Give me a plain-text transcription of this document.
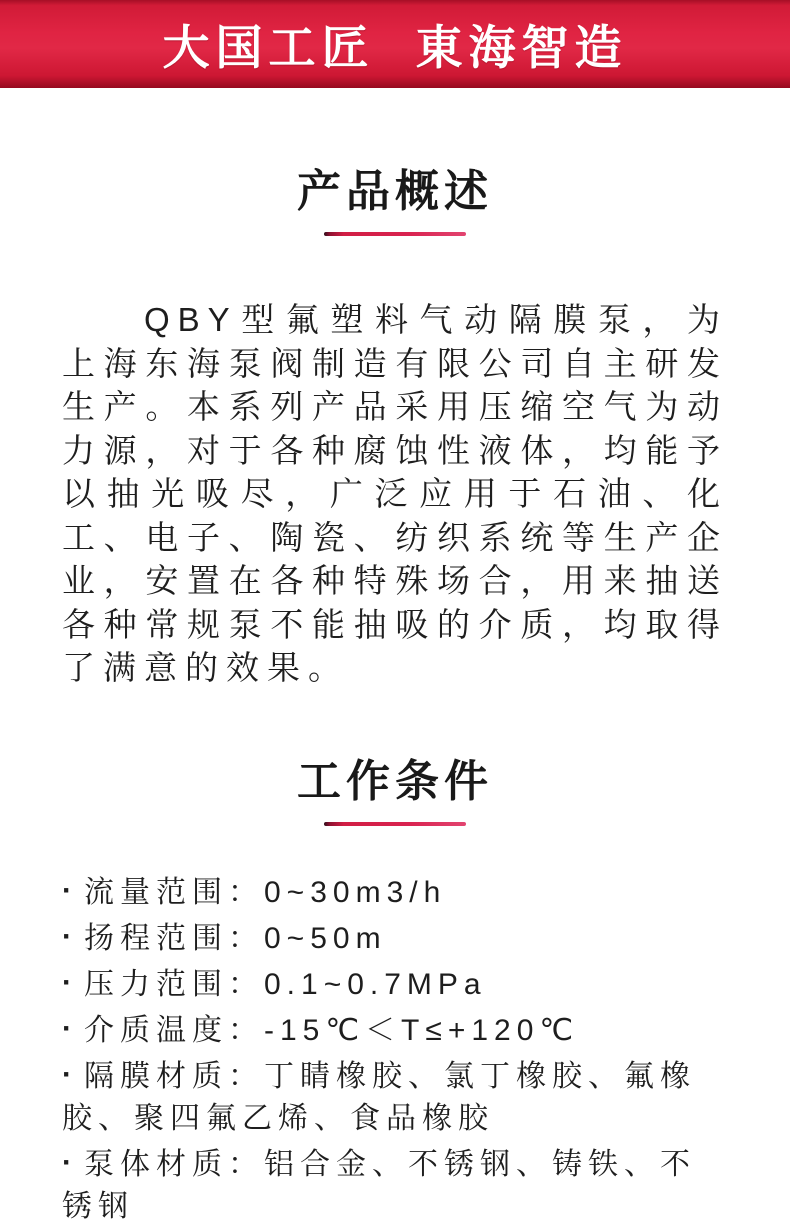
大国工匠 東海智造
产品概述
QBY型氟塑料气动隔膜泵，为上海东海泵阀制造有限公司自主研发生产。本系列产品采用压缩空气为动力源，对于各种腐蚀性液体，均能予以抽光吸尽，广泛应用于石油、化工、电子、陶瓷、纺织系统等生产企业，安置在各种特殊场合，用来抽送各种常规泵不能抽吸的介质，均取得了满意的效果。
工作条件
· 流量范围：0~30m3/h
· 扬程范围：0~50m
· 压力范围：0.1~0.7MPa
· 介质温度：-15℃＜T≤+120℃
· 隔膜材质：丁睛橡胶、氯丁橡胶、氟橡胶、聚四氟乙烯、食品橡胶
· 泵体材质：铝合金、不锈钢、铸铁、不锈钢
